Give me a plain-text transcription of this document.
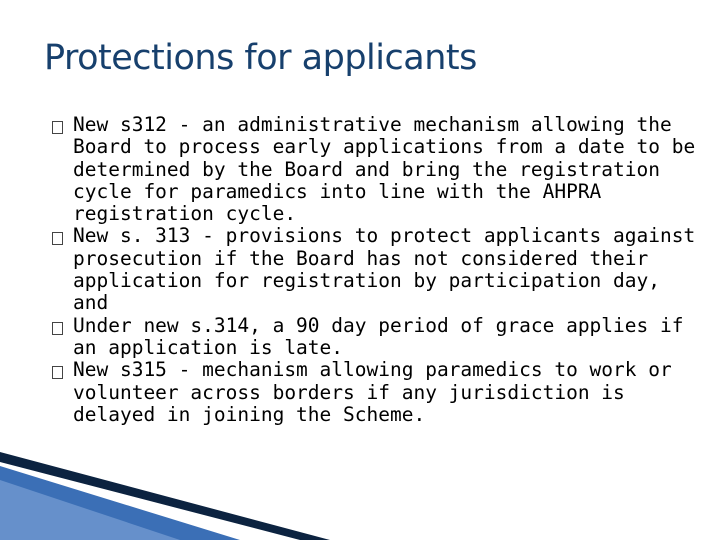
Protections for applicants
New s312 - an administrative mechanism allowing the Board to process early applications from a date to be determined by the Board and bring the registration cycle for paramedics into line with the AHPRA registration cycle.
New s. 313 - provisions to protect applicants against prosecution if the Board has not considered their application for registration by participation day, and
Under new s.314, a 90 day period of grace applies if an application is late.
New s315 - mechanism allowing paramedics to work or volunteer across borders if any jurisdiction is delayed in joining the Scheme.
